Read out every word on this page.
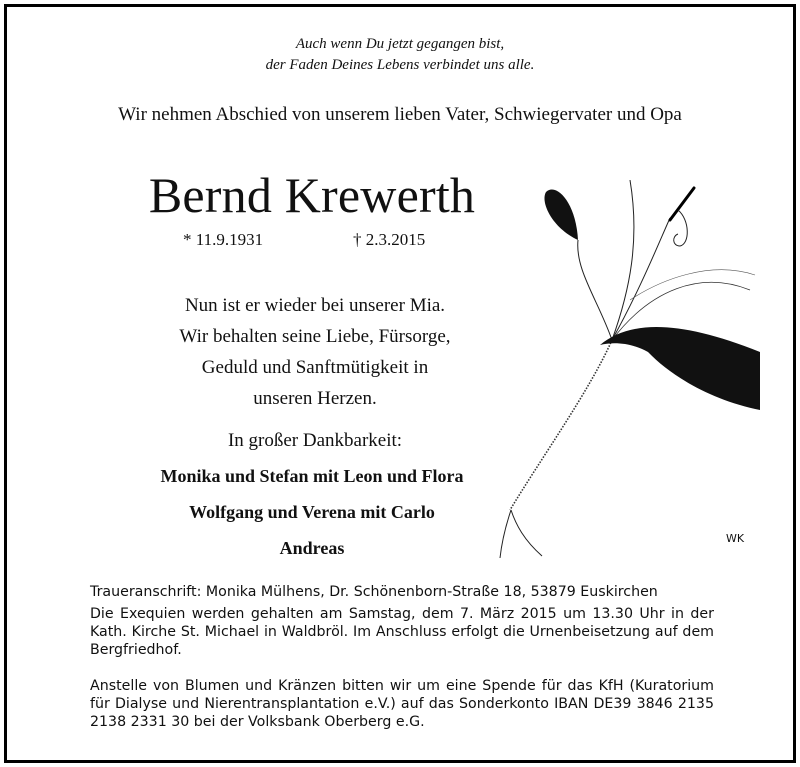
Auch wenn Du jetzt gegangen bist,
der Faden Deines Lebens verbindet uns alle.
Wir nehmen Abschied von unserem lieben Vater, Schwiegervater und Opa
Bernd Krewerth
* 11.9.1931	† 2.3.2015
Nun ist er wieder bei unserer Mia.
Wir behalten seine Liebe, Fürsorge,
Geduld und Sanftmütigkeit in
unseren Herzen.
In großer Dankbarkeit:
Monika und Stefan mit Leon und Flora
Wolfgang und Verena mit Carlo
Andreas	WK
Traueranschrift: Monika Mülhens, Dr. Schönenborn-Straße 18, 53879 Euskirchen
Die Exequien werden gehalten am Samstag, dem 7. März 2015 um 13.30 Uhr in der Kath. Kirche St. Michael in Waldbröl. Im Anschluss erfolgt die Urnenbeisetzung auf dem Bergfriedhof.
Anstelle von Blumen und Kränzen bitten wir um eine Spende für das KfH (Kuratorium für Dialyse und Nierentransplantation e.V.) auf das Sonderkonto IBAN DE39 3846 2135 2138 2331 30 bei der Volksbank Oberberg e.G.
